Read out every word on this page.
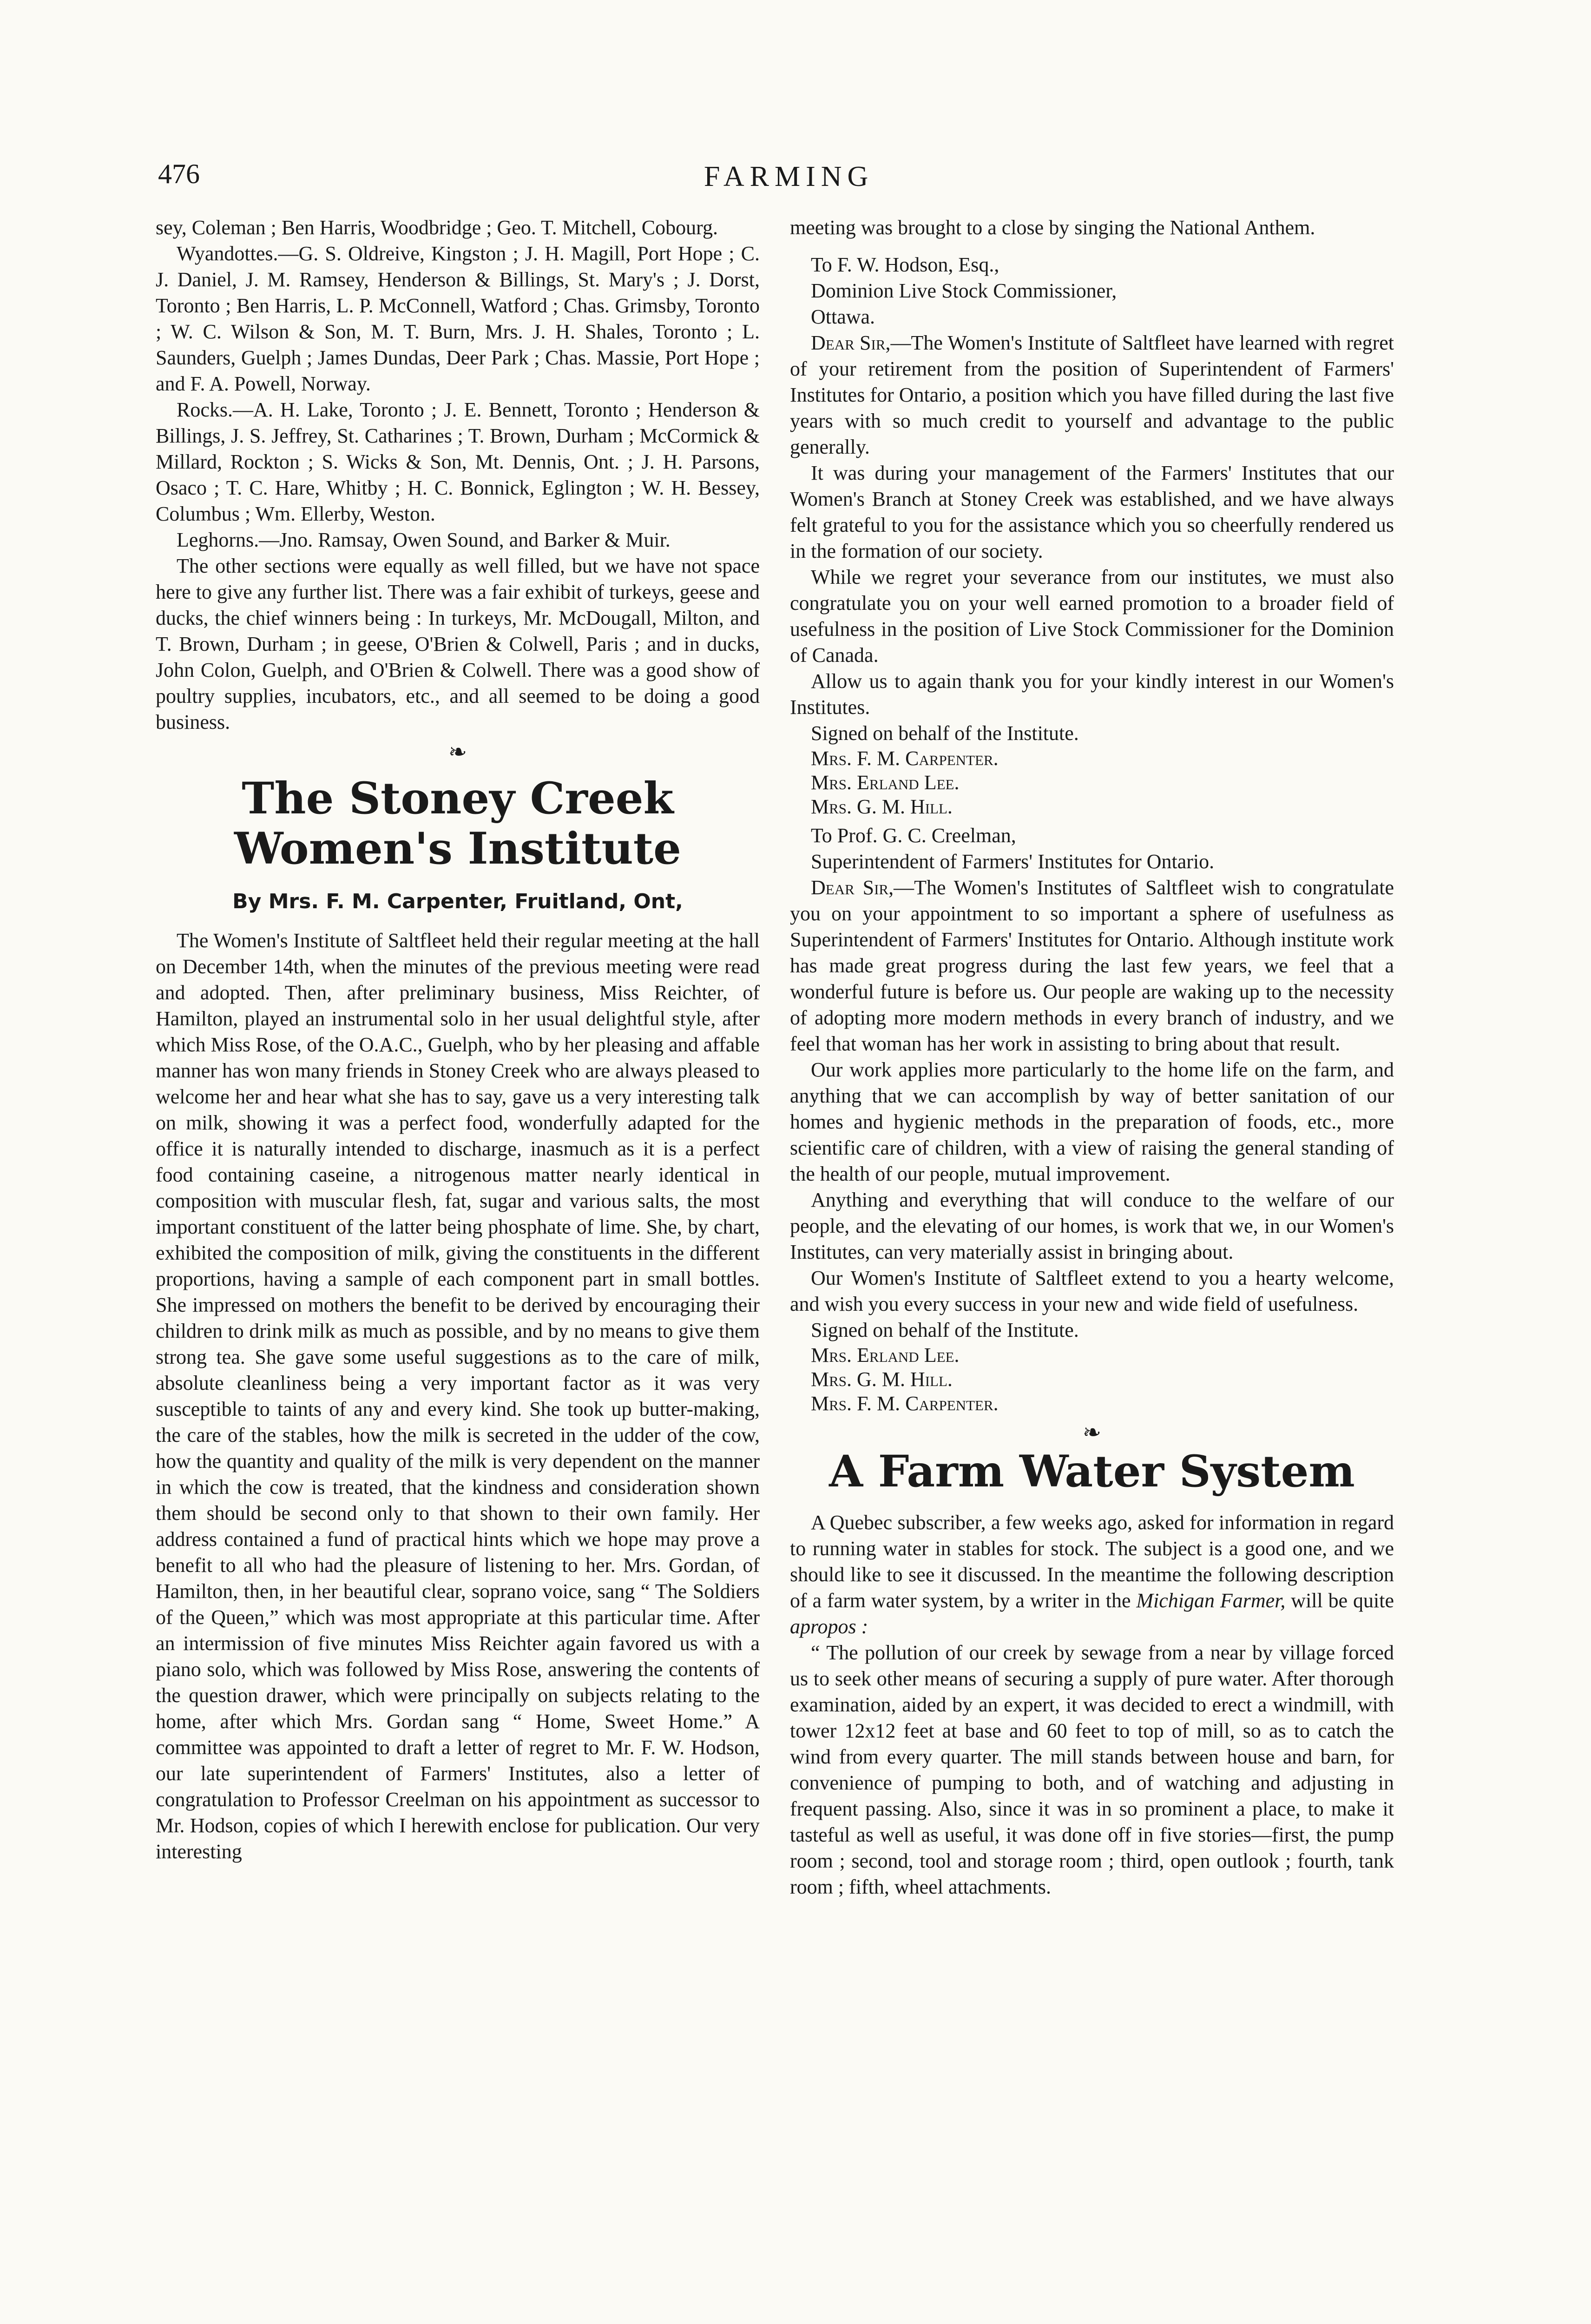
476	FARMING

sey, Coleman ; Ben Harris, Woodbridge ; Geo. T. Mitchell, Cobourg.

Wyandottes.—G. S. Oldreive, Kingston ; J. H. Magill, Port Hope ; C. J. Daniel, J. M. Ramsey, Henderson & Billings, St. Mary's ; J. Dorst, Toronto ; Ben Harris, L. P. McConnell, Watford ; Chas. Grimsby, Toronto ; W. C. Wilson & Son, M. T. Burn, Mrs. J. H. Shales, Toronto ; L. Saunders, Guelph ; James Dundas, Deer Park ; Chas. Massie, Port Hope ; and F. A. Powell, Norway.

Rocks.—A. H. Lake, Toronto ; J. E. Bennett, Toronto ; Henderson & Billings, J. S. Jeffrey, St. Catharines ; T. Brown, Durham ; McCormick & Millard, Rockton ; S. Wicks & Son, Mt. Dennis, Ont. ; J. H. Parsons, Osaco ; T. C. Hare, Whitby ; H. C. Bonnick, Eglington ; W. H. Bessey, Columbus ; Wm. Ellerby, Weston.

Leghorns.—Jno. Ramsay, Owen Sound, and Barker & Muir.

The other sections were equally as well filled, but we have not space here to give any further list. There was a fair exhibit of turkeys, geese and ducks, the chief winners being : In turkeys, Mr. McDougall, Milton, and T. Brown, Durham ; in geese, O'Brien & Colwell, Paris ; and in ducks, John Colon, Guelph, and O'Brien & Colwell. There was a good show of poultry supplies, incubators, etc., and all seemed to be doing a good business.

❧
The Stoney Creek Women's Institute
By Mrs. F. M. Carpenter, Fruitland, Ont,

The Women's Institute of Saltfleet held their regular meeting at the hall on December 14th, when the minutes of the previous meeting were read and adopted. Then, after preliminary business, Miss Reichter, of Hamilton, played an instrumental solo in her usual delightful style, after which Miss Rose, of the O.A.C., Guelph, who by her pleasing and affable manner has won many friends in Stoney Creek who are always pleased to welcome her and hear what she has to say, gave us a very interesting talk on milk, showing it was a perfect food, wonderfully adapted for the office it is naturally intended to discharge, inasmuch as it is a perfect food containing caseine, a nitrogenous matter nearly identical in composition with muscular flesh, fat, sugar and various salts, the most important constituent of the latter being phosphate of lime. She, by chart, exhibited the composition of milk, giving the constituents in the different proportions, having a sample of each component part in small bottles. She impressed on mothers the benefit to be derived by encouraging their children to drink milk as much as possible, and by no means to give them strong tea. She gave some useful suggestions as to the care of milk, absolute cleanliness being a very important factor as it was very susceptible to taints of any and every kind. She took up butter-making, the care of the stables, how the milk is secreted in the udder of the cow, how the quantity and quality of the milk is very dependent on the manner in which the cow is treated, that the kindness and consideration shown them should be second only to that shown to their own family. Her address contained a fund of practical hints which we hope may prove a benefit to all who had the pleasure of listening to her. Mrs. Gordan, of Hamilton, then, in her beautiful clear, soprano voice, sang “ The Soldiers of the Queen,” which was most appropriate at this particular time. After an intermission of five minutes Miss Reichter again favored us with a piano solo, which was followed by Miss Rose, answering the contents of the question drawer, which were principally on subjects relating to the home, after which Mrs. Gordan sang “ Home, Sweet Home.” A committee was appointed to draft a letter of regret to Mr. F. W. Hodson, our late superintendent of Farmers' Institutes, also a letter of congratulation to Professor Creelman on his appointment as successor to Mr. Hodson, copies of which I herewith enclose for publication. Our very interesting

meeting was brought to a close by singing the National Anthem.

To F. W. Hodson, Esq.,

Dominion Live Stock Commissioner,

Ottawa.

Dear Sir,—The Women's Institute of Saltfleet have learned with regret of your retirement from the position of Superintendent of Farmers' Institutes for Ontario, a position which you have filled during the last five years with so much credit to yourself and advantage to the public generally.

It was during your management of the Farmers' Institutes that our Women's Branch at Stoney Creek was established, and we have always felt grateful to you for the assistance which you so cheerfully rendered us in the formation of our society.

While we regret your severance from our institutes, we must also congratulate you on your well earned promotion to a broader field of usefulness in the position of Live Stock Commissioner for the Dominion of Canada.

Allow us to again thank you for your kindly interest in our Women's Institutes.

Signed on behalf of the Institute.

Mrs. F. M. Carpenter.

Mrs. Erland Lee.

Mrs. G. M. Hill.

To Prof. G. C. Creelman,

Superintendent of Farmers' Institutes for Ontario.

Dear Sir,—The Women's Institutes of Saltfleet wish to congratulate you on your appointment to so important a sphere of usefulness as Superintendent of Farmers' Institutes for Ontario. Although institute work has made great progress during the last few years, we feel that a wonderful future is before us. Our people are waking up to the necessity of adopting more modern methods in every branch of industry, and we feel that woman has her work in assisting to bring about that result.

Our work applies more particularly to the home life on the farm, and anything that we can accomplish by way of better sanitation of our homes and hygienic methods in the preparation of foods, etc., more scientific care of children, with a view of raising the general standing of the health of our people, mutual improvement.

Anything and everything that will conduce to the welfare of our people, and the elevating of our homes, is work that we, in our Women's Institutes, can very materially assist in bringing about.

Our Women's Institute of Saltfleet extend to you a hearty welcome, and wish you every success in your new and wide field of usefulness.

Signed on behalf of the Institute.

Mrs. Erland Lee.

Mrs. G. M. Hill.

Mrs. F. M. Carpenter.

❧
A Farm Water System

A Quebec subscriber, a few weeks ago, asked for information in regard to running water in stables for stock. The subject is a good one, and we should like to see it discussed. In the meantime the following description of a farm water system, by a writer in the Michigan Farmer, will be quite apropos :

“ The pollution of our creek by sewage from a near by village forced us to seek other means of securing a supply of pure water. After thorough examination, aided by an expert, it was decided to erect a windmill, with tower 12x12 feet at base and 60 feet to top of mill, so as to catch the wind from every quarter. The mill stands between house and barn, for convenience of pumping to both, and of watching and adjusting in frequent passing. Also, since it was in so prominent a place, to make it tasteful as well as useful, it was done off in five stories—first, the pump room ; second, tool and storage room ; third, open outlook ; fourth, tank room ; fifth, wheel attachments.
